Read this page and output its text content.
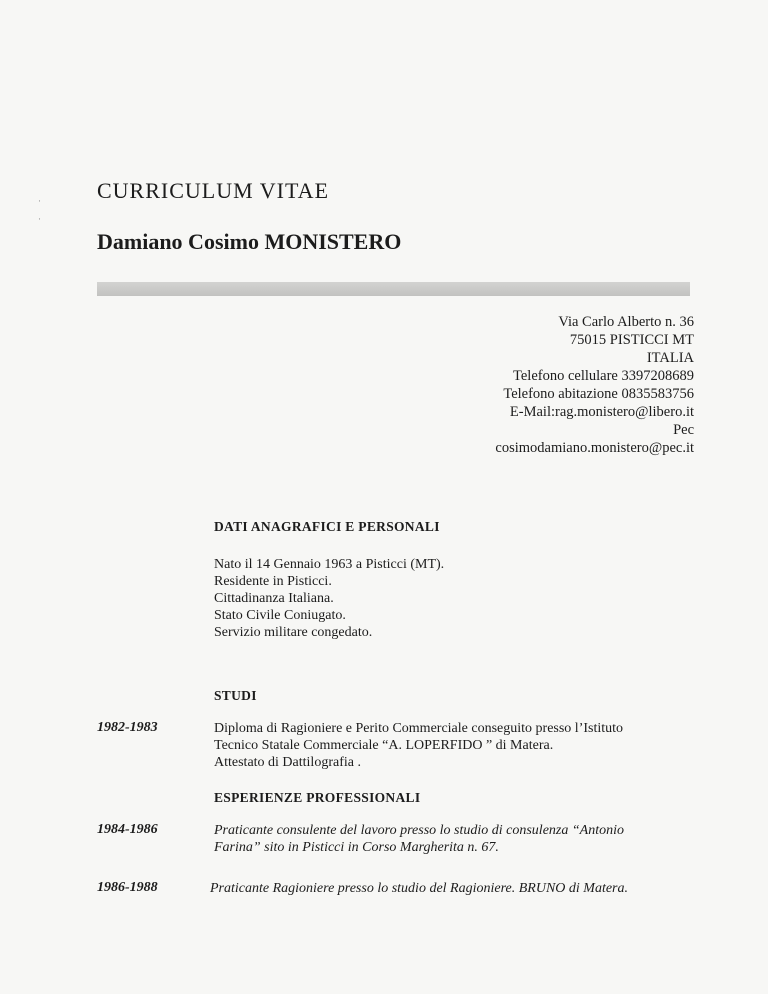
·
·
CURRICULUM VITAE
Damiano Cosimo MONISTERO
Via Carlo Alberto n. 36
75015 PISTICCI MT
ITALIA
Telefono cellulare 3397208689
Telefono abitazione 0835583756
E-Mail:rag.monistero@libero.it
Pec
cosimodamiano.monistero@pec.it
DATI ANAGRAFICI E PERSONALI
Nato il 14 Gennaio 1963 a Pisticci (MT).
Residente in Pisticci.
Cittadinanza Italiana.
Stato Civile Coniugato.
Servizio militare congedato.
STUDI
1982-1983	Diploma di Ragioniere e Perito Commerciale conseguito presso l’Istituto
Tecnico Statale Commerciale “A. LOPERFIDO ” di Matera.
Attestato di Dattilografia .
ESPERIENZE PROFESSIONALI
1984-1986	Praticante consulente del lavoro presso lo studio di consulenza “Antonio
Farina” sito in Pisticci in Corso Margherita n. 67.
1986-1988	Praticante Ragioniere presso lo studio del Ragioniere. BRUNO di Matera.
